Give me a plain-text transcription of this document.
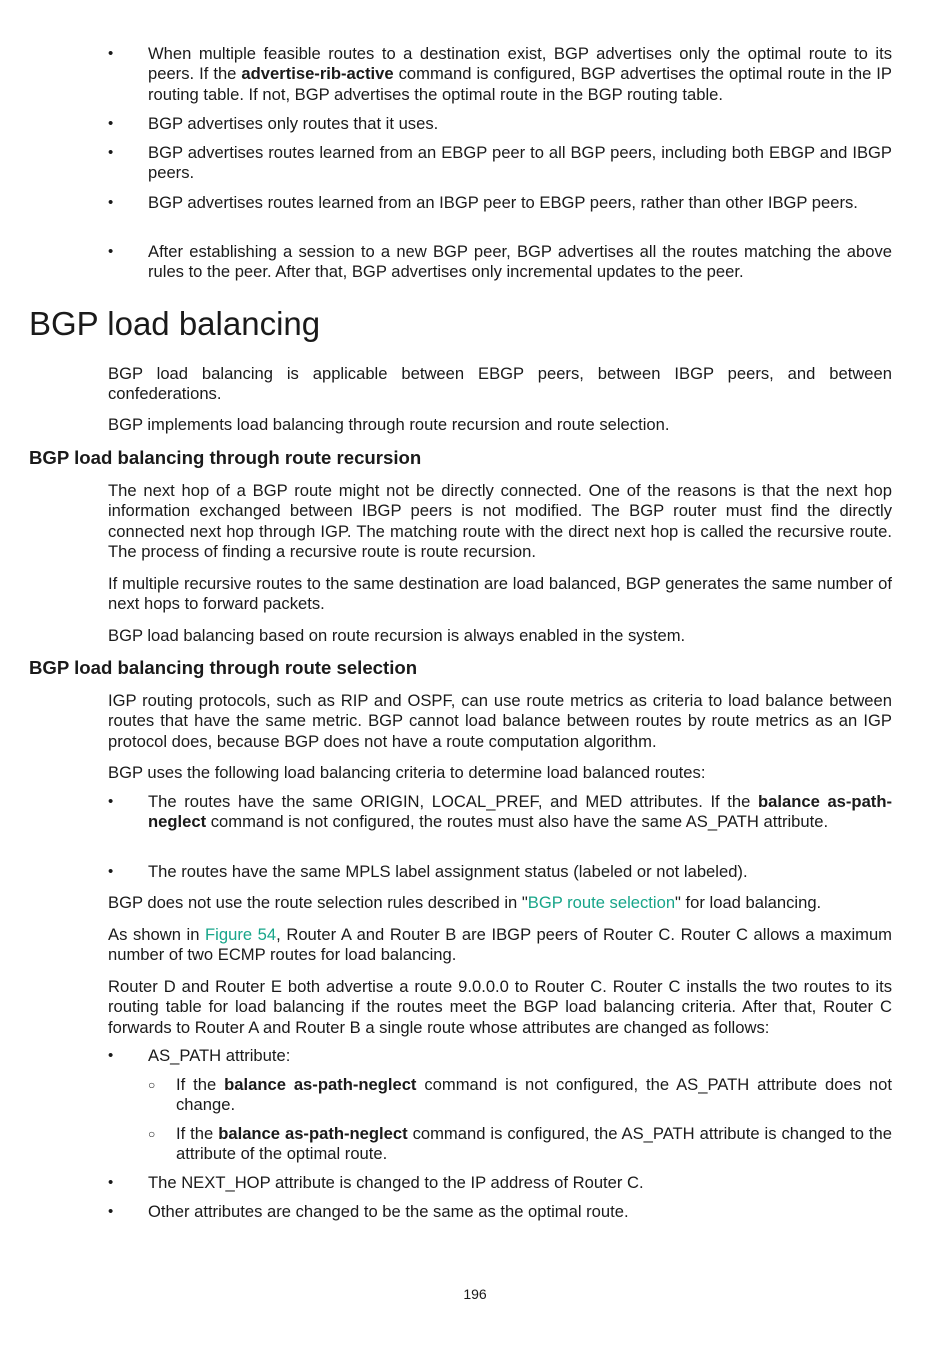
•	When multiple feasible routes to a destination exist, BGP advertises only the optimal route to its peers. If the advertise-rib-active command is configured, BGP advertises the optimal route in the IP routing table. If not, BGP advertises the optimal route in the BGP routing table.

•	BGP advertises only routes that it uses.

•	BGP advertises routes learned from an EBGP peer to all BGP peers, including both EBGP and IBGP peers.

•	BGP advertises routes learned from an IBGP peer to EBGP peers, rather than other IBGP peers.

•	After establishing a session to a new BGP peer, BGP advertises all the routes matching the above rules to the peer. After that, BGP advertises only incremental updates to the peer.

BGP load balancing

BGP load balancing is applicable between EBGP peers, between IBGP peers, and between confederations.

BGP implements load balancing through route recursion and route selection.

BGP load balancing through route recursion

The next hop of a BGP route might not be directly connected. One of the reasons is that the next hop information exchanged between IBGP peers is not modified. The BGP router must find the directly connected next hop through IGP. The matching route with the direct next hop is called the recursive route. The process of finding a recursive route is route recursion.

If multiple recursive routes to the same destination are load balanced, BGP generates the same number of next hops to forward packets.

BGP load balancing based on route recursion is always enabled in the system.

BGP load balancing through route selection

IGP routing protocols, such as RIP and OSPF, can use route metrics as criteria to load balance between routes that have the same metric. BGP cannot load balance between routes by route metrics as an IGP protocol does, because BGP does not have a route computation algorithm.

BGP uses the following load balancing criteria to determine load balanced routes:

•	The routes have the same ORIGIN, LOCAL_PREF, and MED attributes. If the balance as-path-neglect command is not configured, the routes must also have the same AS_PATH attribute.

•	The routes have the same MPLS label assignment status (labeled or not labeled).

BGP does not use the route selection rules described in "BGP route selection" for load balancing.

As shown in Figure 54, Router A and Router B are IBGP peers of Router C. Router C allows a maximum number of two ECMP routes for load balancing.

Router D and Router E both advertise a route 9.0.0.0 to Router C. Router C installs the two routes to its routing table for load balancing if the routes meet the BGP load balancing criteria. After that, Router C forwards to Router A and Router B a single route whose attributes are changed as follows:

•	AS_PATH attribute:

○ If the balance as-path-neglect command is not configured, the AS_PATH attribute does not change.

○ If the balance as-path-neglect command is configured, the AS_PATH attribute is changed to the attribute of the optimal route.

•	The NEXT_HOP attribute is changed to the IP address of Router C.

•	Other attributes are changed to be the same as the optimal route.

196
